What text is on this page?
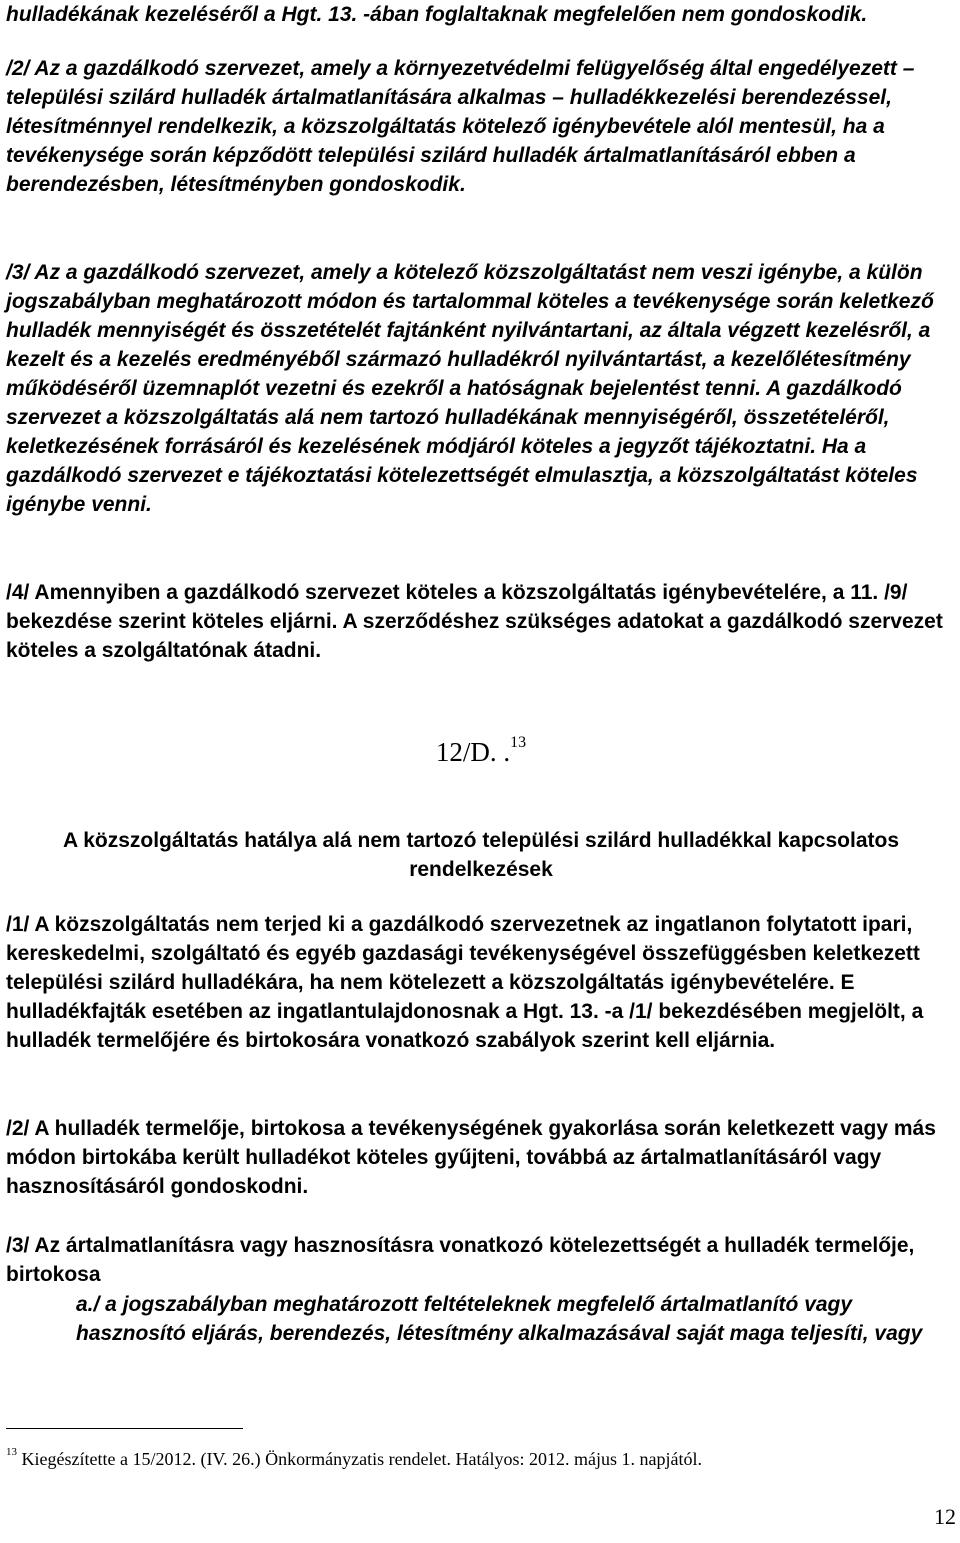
hulladékának kezeléséről a Hgt. 13. -ában foglaltaknak megfelelően nem gondoskodik.

/2/ Az a gazdálkodó szervezet, amely a környezetvédelmi felügyelőség által engedélyezett – települési szilárd hulladék ártalmatlanítására alkalmas – hulladékkezelési berendezéssel, létesítménnyel rendelkezik, a közszolgáltatás kötelező igénybevétele alól mentesül, ha a tevékenysége során képződött települési szilárd hulladék ártalmatlanításáról ebben a berendezésben, létesítményben gondoskodik.

/3/ Az a gazdálkodó szervezet, amely a kötelező közszolgáltatást nem veszi igénybe, a külön jogszabályban meghatározott módon és tartalommal köteles a tevékenysége során keletkező hulladék mennyiségét és összetételét fajtánként nyilvántartani, az általa végzett kezelésről, a kezelt és a kezelés eredményéből származó hulladékról nyilvántartást, a kezelőlétesítmény működéséről üzemnaplót vezetni és ezekről a hatóságnak bejelentést tenni. A gazdálkodó szervezet a közszolgáltatás alá nem tartozó hulladékának mennyiségéről, összetételéről, keletkezésének forrásáról és kezelésének módjáról köteles a jegyzőt tájékoztatni. Ha a gazdálkodó szervezet e tájékoztatási kötelezettségét elmulasztja, a közszolgáltatást köteles igénybe venni.

/4/ Amennyiben a gazdálkodó szervezet köteles a közszolgáltatás igénybevételére, a 11. /9/ bekezdése szerint köteles eljárni. A szerződéshez szükséges adatokat a gazdálkodó szervezet köteles a szolgáltatónak átadni.

12/D. .$^{13}$
A közszolgáltatás hatálya alá nem tartozó települési szilárd hulladékkal kapcsolatos rendelkezések

/1/ A közszolgáltatás nem terjed ki a gazdálkodó szervezetnek az ingatlanon folytatott ipari, kereskedelmi, szolgáltató és egyéb gazdasági tevékenységével összefüggésben keletkezett települési szilárd hulladékára, ha nem kötelezett a közszolgáltatás igénybevételére. E hulladékfajták esetében az ingatlantulajdonosnak a Hgt. 13. -a /1/ bekezdésében megjelölt, a hulladék termelőjére és birtokosára vonatkozó szabályok szerint kell eljárnia.

/2/ A hulladék termelője, birtokosa a tevékenységének gyakorlása során keletkezett vagy más módon birtokába került hulladékot köteles gyűjteni, továbbá az ártalmatlanításáról vagy hasznosításáról gondoskodni.

/3/ Az ártalmatlanításra vagy hasznosításra vonatkozó kötelezettségét a hulladék termelője, birtokosa

a./ a jogszabályban meghatározott feltételeknek megfelelő ártalmatlanító vagy hasznosító eljárás, berendezés, létesítmény alkalmazásával saját maga teljesíti, vagy

$^{13}$ Kiegészítette a 15/2012. (IV. 26.) Önkormányzatis rendelet. Hatályos: 2012. május 1. napjától.
12
